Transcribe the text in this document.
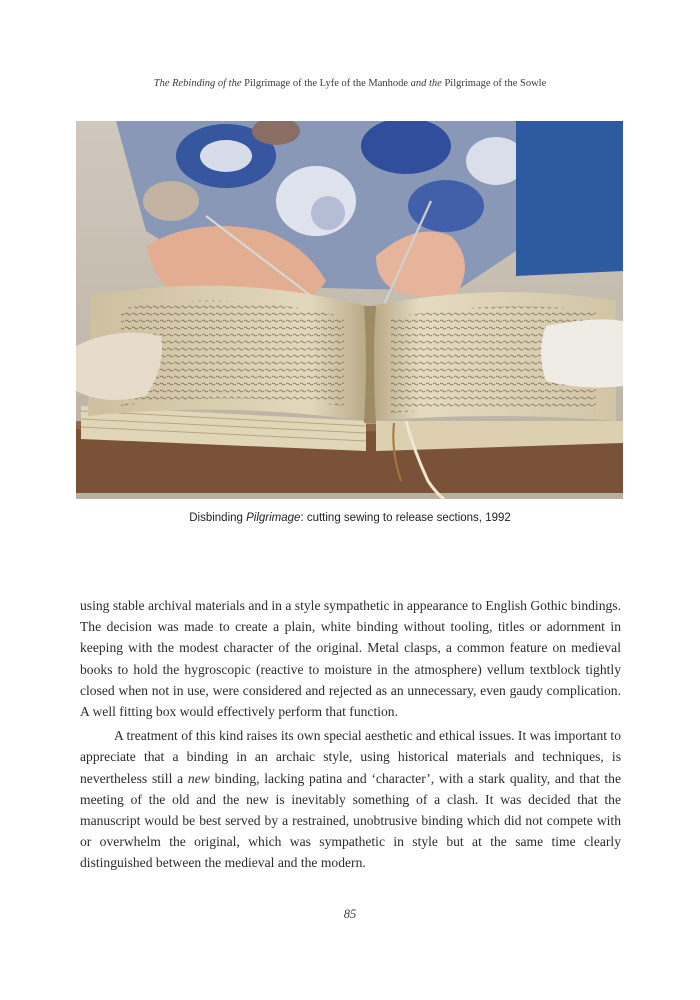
The Rebinding of the Pilgrimage of the Lyfe of the Manhode and the Pilgrimage of the Sowle
Disbinding Pilgrimage: cutting sewing to release sections, 1992

using stable archival materials and in a style sympathetic in appearance to English Gothic bindings. The decision was made to create a plain, white binding without tooling, titles or adornment in keeping with the modest character of the original. Metal clasps, a common feature on medieval books to hold the hygroscopic (reactive to moisture in the atmosphere) vellum textblock tightly closed when not in use, were considered and rejected as an unnecessary, even gaudy complication. A well fitting box would effectively perform that function.

A treatment of this kind raises its own special aesthetic and ethical issues. It was important to appreciate that a binding in an archaic style, using historical materials and techniques, is nevertheless still a new binding, lacking patina and ‘character’, with a stark quality, and that the meeting of the old and the new is inevitably something of a clash. It was decided that the manuscript would be best served by a restrained, unobtrusive binding which did not compete with or overwhelm the original, which was sympathetic in style but at the same time clearly distinguished between the medieval and the modern.

85
